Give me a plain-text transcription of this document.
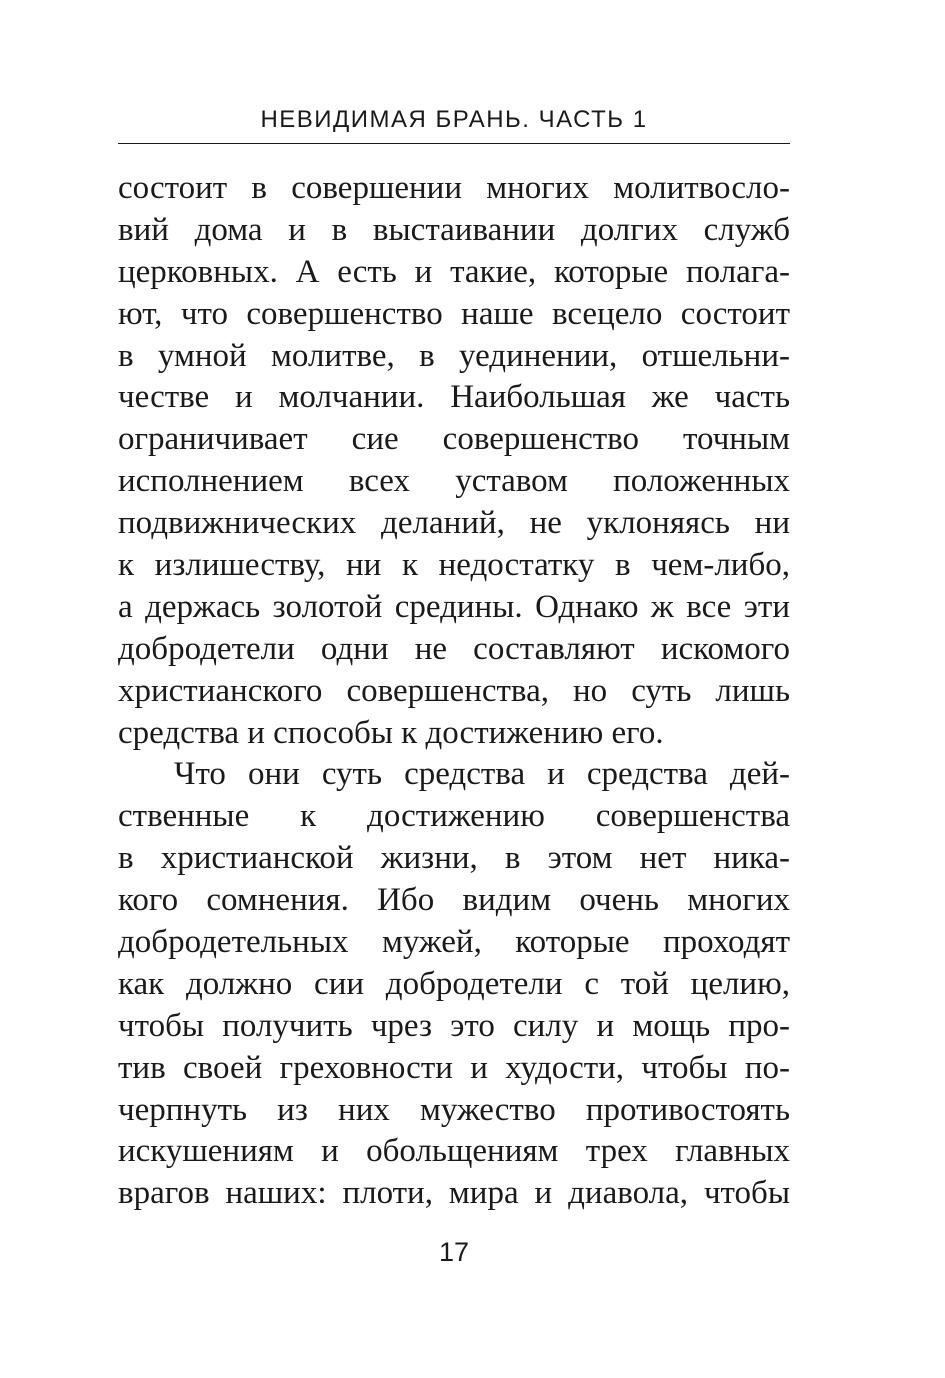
НЕВИДИМАЯ БРАНЬ. ЧАСТЬ 1
состоит в совершении многих молитвосло-
вий дома и в выстаивании долгих служб
церковных. А есть и такие, которые полага-
ют, что совершенство наше всецело состоит
в умной молитве, в уединении, отшельни-
честве и молчании. Наибольшая же часть
ограничивает сие совершенство точным
исполнением всех уставом положенных
подвижнических деланий, не уклоняясь ни
к излишеству, ни к недостатку в чем-либо,
а держась золотой средины. Однако ж все эти
добродетели одни не составляют искомого
христианского совершенства, но суть лишь
средства и способы к достижению его.
Что они суть средства и средства дей-
ственные к достижению совершенства
в христианской жизни, в этом нет ника-
кого сомнения. Ибо видим очень многих
добродетельных мужей, которые проходят
как должно сии добродетели с той целию,
чтобы получить чрез это силу и мощь про-
тив своей греховности и худости, чтобы по-
черпнуть из них мужество противостоять
искушениям и обольщениям трех главных
врагов наших: плоти, мира и диавола, чтобы
17
